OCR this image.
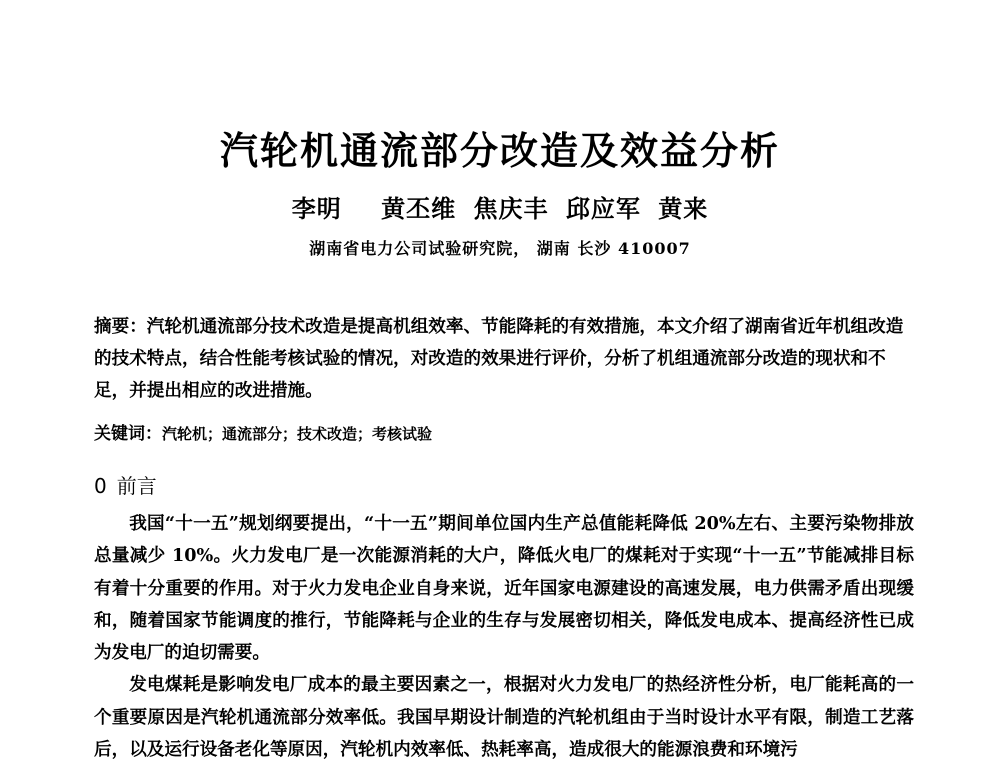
汽轮机通流部分改造及效益分析
李明 黄丕维 焦庆丰 邱应军 黄来
湖南省电力公司试验研究院， 湖南 长沙 410007
摘要：汽轮机通流部分技术改造是提高机组效率、节能降耗的有效措施，本文介绍了湖南省近年机组改造的技术特点，结合性能考核试验的情况，对改造的效果进行评价，分析了机组通流部分改造的现状和不足，并提出相应的改进措施。
关键词：汽轮机；通流部分；技术改造；考核试验
0 前言

我国“十一五”规划纲要提出，“十一五”期间单位国内生产总值能耗降低 20%左右、主要污染物排放总量减少 10%。火力发电厂是一次能源消耗的大户，降低火电厂的煤耗对于实现“十一五”节能减排目标有着十分重要的作用。对于火力发电企业自身来说，近年国家电源建设的高速发展，电力供需矛盾出现缓和，随着国家节能调度的推行，节能降耗与企业的生存与发展密切相关，降低发电成本、提高经济性已成为发电厂的迫切需要。

发电煤耗是影响发电厂成本的最主要因素之一，根据对火力发电厂的热经济性分析，电厂能耗高的一个重要原因是汽轮机通流部分效率低。我国早期设计制造的汽轮机组由于当时设计水平有限，制造工艺落后，以及运行设备老化等原因，汽轮机内效率低、热耗率高，造成很大的能源浪费和环境污
